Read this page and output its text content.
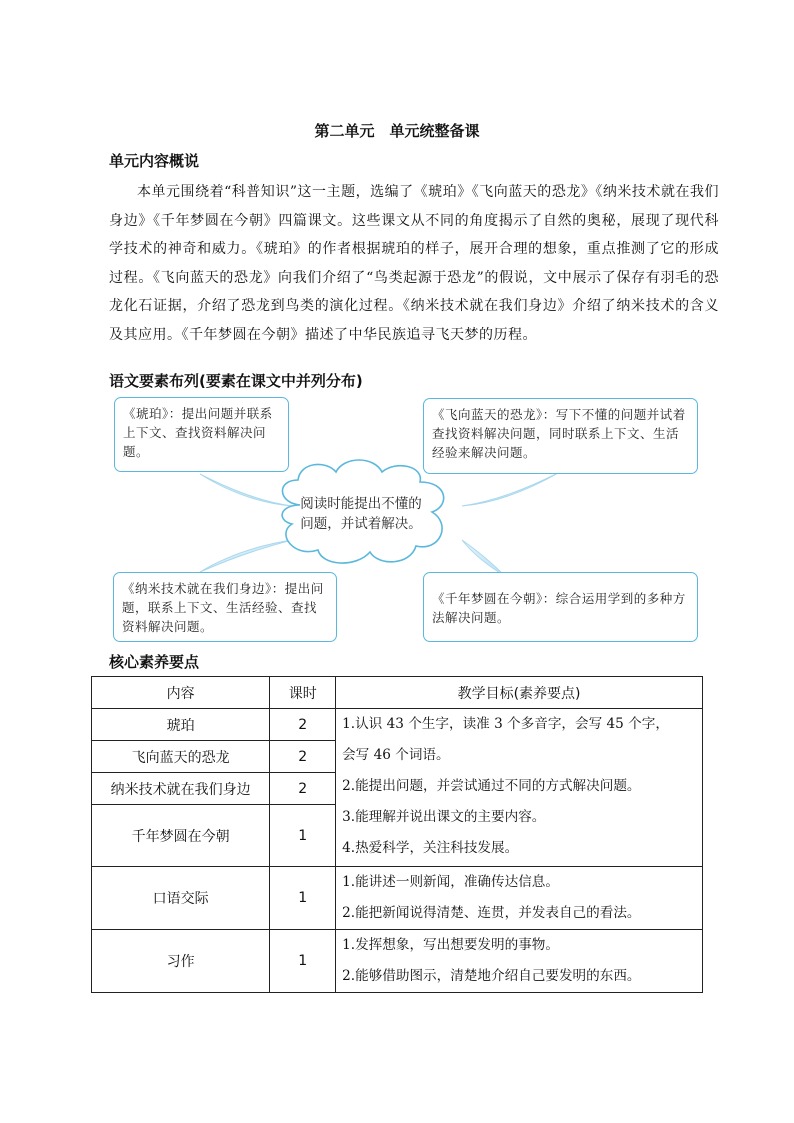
第二单元　单元统整备课
单元内容概说
本单元围绕着“科普知识”这一主题，选编了《琥珀》《飞向蓝天的恐龙》《纳米技术就在我们身边》《千年梦圆在今朝》四篇课文。这些课文从不同的角度揭示了自然的奥秘，展现了现代科学技术的神奇和威力。《琥珀》的作者根据琥珀的样子，展开合理的想象，重点推测了它的形成过程。《飞向蓝天的恐龙》向我们介绍了“鸟类起源于恐龙”的假说，文中展示了保存有羽毛的恐龙化石证据，介绍了恐龙到鸟类的演化过程。《纳米技术就在我们身边》介绍了纳米技术的含义及其应用。《千年梦圆在今朝》描述了中华民族追寻飞天梦的历程。
语文要素布列(要素在课文中并列分布)
阅读时能提出不懂的问题，并试着解决。
《琥珀》：提出问题并联系上下文、查找资料解决问题。
《飞向蓝天的恐龙》：写下不懂的问题并试着查找资料解决问题，同时联系上下文、生活经验来解决问题。
《纳米技术就在我们身边》：提出问题，联系上下文、生活经验、查找资料解决问题。
《千年梦圆在今朝》：综合运用学到的多种方法解决问题。
核心素养要点
内容	课时	教学目标(素养要点)
琥珀	2	1.认识 43 个生字，读准 3 个多音字，会写 45 个字，
会写 46 个词语。
2.能提出问题，并尝试通过不同的方式解决问题。
3.能理解并说出课文的主要内容。
4.热爱科学，关注科技发展。

飞向蓝天的恐龙	2	
纳米技术就在我们身边	2	
千年梦圆在今朝	1	
口语交际	1	1.能讲述一则新闻，准确传达信息。
2.能把新闻说得清楚、连贯，并发表自己的看法。

习作	1	1.发挥想象，写出想要发明的事物。
2.能够借助图示，清楚地介绍自己要发明的东西。
